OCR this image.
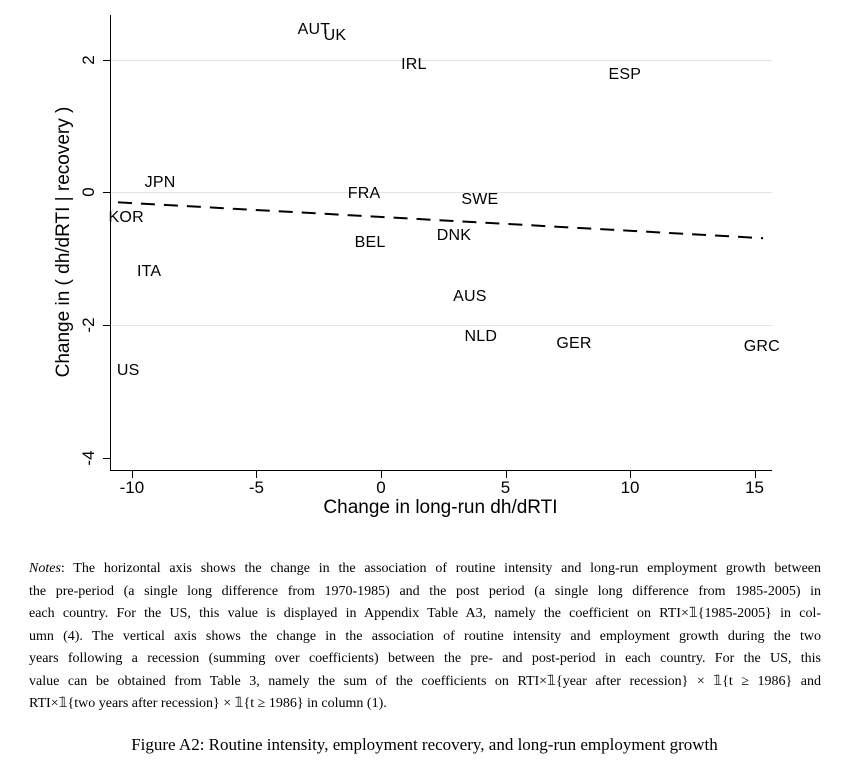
Change in ( dh/dRTI | recovery )
2
0
-2
-4
-10	-5	0	5	10	15
AUT
UK
IRL
ESP
JPN
KOR
FRA	SWE
DNK
BEL
ITA
AUS
NLD	GER	GRC
US
Change in long-run dh/dRTI
Notes: The horizontal axis shows the change in the association of routine intensity and long-run employment growth between
the pre-period (a single long difference from 1970-1985) and the post period (a single long difference from 1985-2005) in
each country. For the US, this value is displayed in Appendix Table A3, namely the coefficient on RTI×𝟙{1985-2005} in col-
umn (4). The vertical axis shows the change in the association of routine intensity and employment growth during the two
years following a recession (summing over coefficients) between the pre- and post-period in each country. For the US, this
value can be obtained from Table 3, namely the sum of the coefficients on RTI×𝟙{year after recession} × 𝟙{t ≥ 1986} and
RTI×𝟙{two years after recession} × 𝟙{t ≥ 1986} in column (1).
Figure A2: Routine intensity, employment recovery, and long-run employment growth
